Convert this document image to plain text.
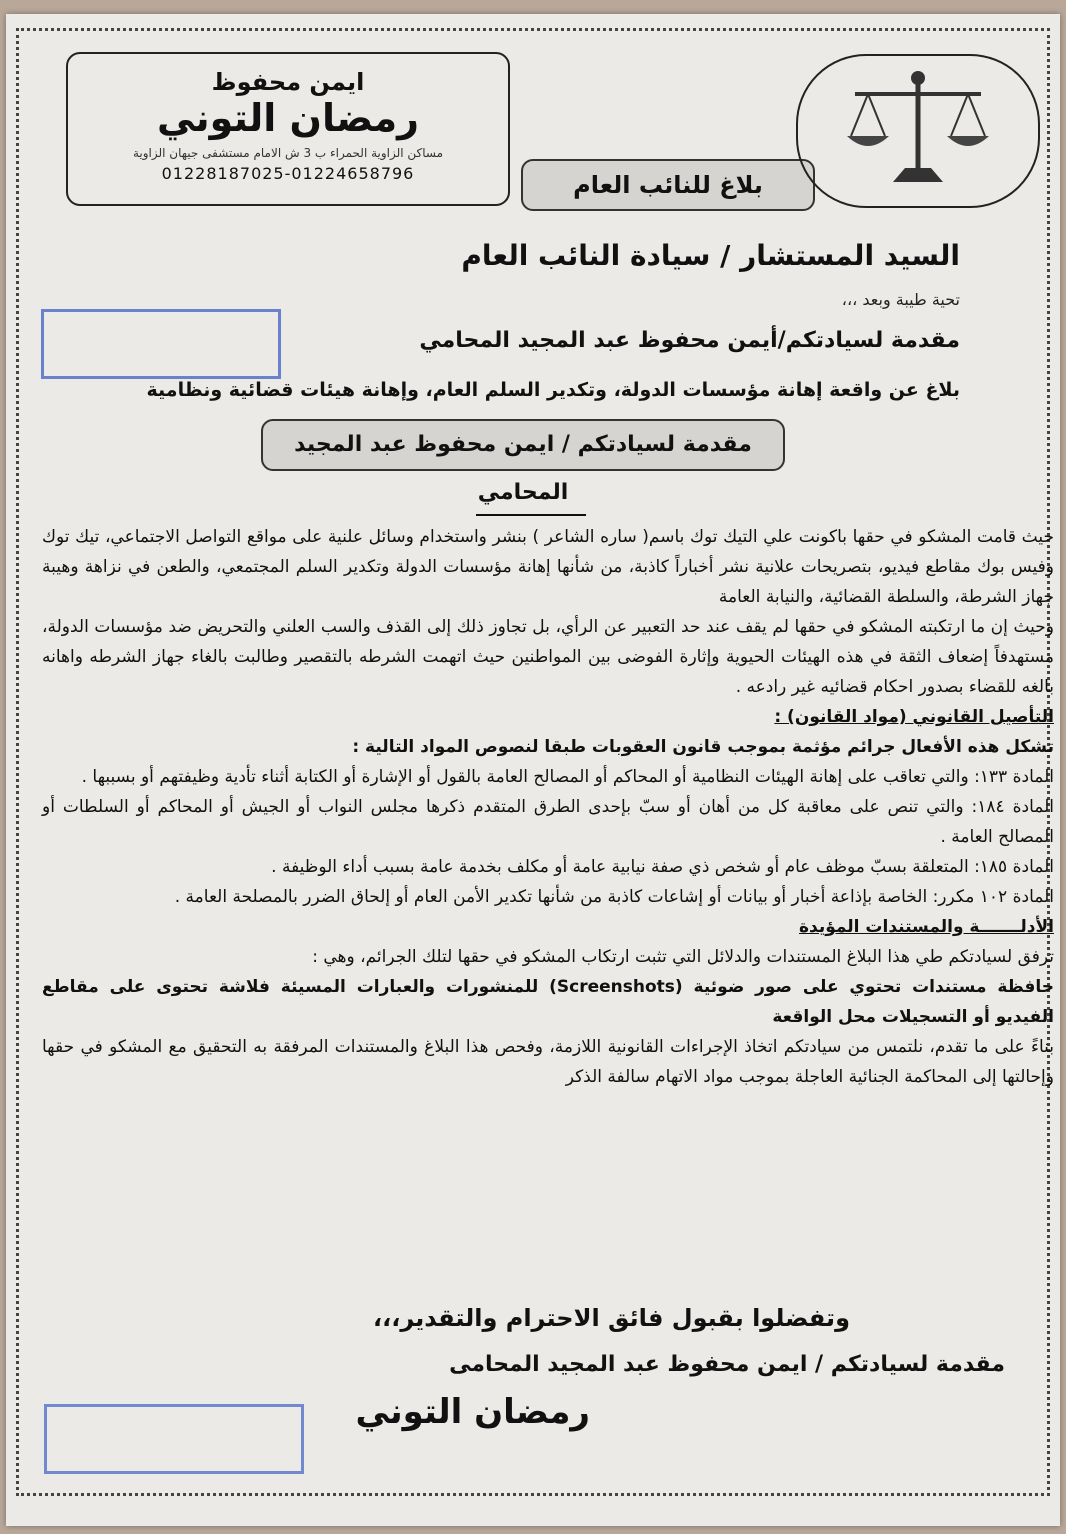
ايمن محفوظ
رمضان التوني
مساكن الزاوية الحمراء ب 3 ش الامام مستشفى جيهان الزاوية
01228187025-01224658796	بلاغ للنائب العام
السيد المستشار / سيادة النائب العام
تحية طيبة وبعد ،،،
مقدمة لسيادتكم/أيمن محفوظ عبد المجيد المحامي
بلاغ عن واقعة إهانة مؤسسات الدولة، وتكدير السلم العام، وإهانة هيئات قضائية ونظامية
مقدمة لسيادتكم / ايمن محفوظ عبد المجيد المحامي

حيث قامت المشكو في حقها باكونت علي التيك توك باسم( ساره الشاعر ) بنشر واستخدام وسائل علنية على مواقع التواصل الاجتماعي، تيك توك وفيس بوك مقاطع فيديو، بتصريحات علانية نشر أخباراً كاذبة، من شأنها إهانة مؤسسات الدولة وتكدير السلم المجتمعي، والطعن في نزاهة وهيبة جهاز الشرطة، والسلطة القضائية، والنيابة العامة

وحيث إن ما ارتكبته المشكو في حقها لم يقف عند حد التعبير عن الرأي، بل تجاوز ذلك إلى القذف والسب العلني والتحريض ضد مؤسسات الدولة، مستهدفاً إضعاف الثقة في هذه الهيئات الحيوية وإثارة الفوضى بين المواطنين حيث اتهمت الشرطه بالتقصير وطالبت بالغاء جهاز الشرطه واهانه بالغه للقضاء بصدور احكام قضائيه غير رادعه .

التأصيل القانوني (مواد القانون) :

تشكل هذه الأفعال جرائم مؤثمة بموجب قانون العقوبات طبقا لنصوص المواد التالية :

المادة ١٣٣: والتي تعاقب على إهانة الهيئات النظامية أو المحاكم أو المصالح العامة بالقول أو الإشارة أو الكتابة أثناء تأدية وظيفتهم أو بسببها .

المادة ١٨٤: والتي تنص على معاقبة كل من أهان أو سبّ بإحدى الطرق المتقدم ذكرها مجلس النواب أو الجيش أو المحاكم أو السلطات أو المصالح العامة .

المادة ١٨٥: المتعلقة بسبّ موظف عام أو شخص ذي صفة نيابية عامة أو مكلف بخدمة عامة بسبب أداء الوظيفة .

المادة ١٠٢ مكرر: الخاصة بإذاعة أخبار أو بيانات أو إشاعات كاذبة من شأنها تكدير الأمن العام أو إلحاق الضرر بالمصلحة العامة .

الأدلـــــــة والمستندات المؤيدة

ترفق لسيادتكم طي هذا البلاغ المستندات والدلائل التي تثبت ارتكاب المشكو في حقها لتلك الجرائم، وهي :

حافظة مستندات تحتوي على صور ضوئية (Screenshots) للمنشورات والعبارات المسيئة فلاشة تحتوى على مقاطع الفيديو أو التسجيلات محل الواقعة

بناءً على ما تقدم، نلتمس من سيادتكم اتخاذ الإجراءات القانونية اللازمة، وفحص هذا البلاغ والمستندات المرفقة به التحقيق مع المشكو في حقها وإحالتها إلى المحاكمة الجنائية العاجلة بموجب مواد الاتهام سالفة الذكر

وتفضلوا بقبول فائق الاحترام والتقدير،،،
مقدمة لسيادتكم / ايمن محفوظ عبد المجيد المحامى
رمضان التوني
